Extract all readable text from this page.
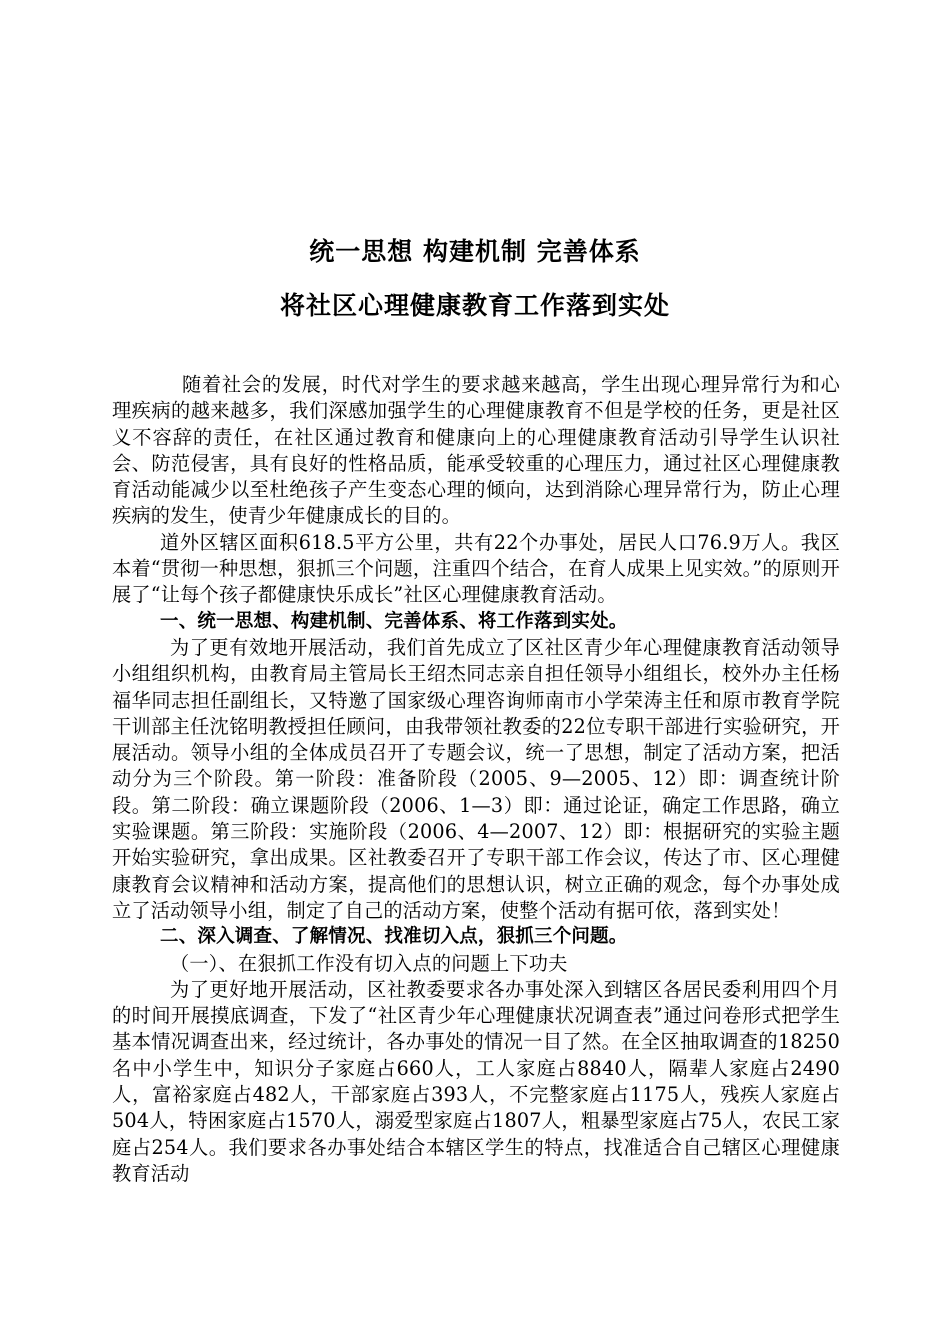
统一思想 构建机制 完善体系
将社区心理健康教育工作落到实处

随着社会的发展，时代对学生的要求越来越高，学生出现心理异常行为和心理疾病的越来越多，我们深感加强学生的心理健康教育不但是学校的任务，更是社区义不容辞的责任，在社区通过教育和健康向上的心理健康教育活动引导学生认识社会、防范侵害，具有良好的性格品质，能承受较重的心理压力，通过社区心理健康教育活动能减少以至杜绝孩子产生变态心理的倾向，达到消除心理异常行为，防止心理疾病的发生，使青少年健康成长的目的。

道外区辖区面积618.5平方公里，共有22个办事处，居民人口76.9万人。我区本着“贯彻一种思想，狠抓三个问题，注重四个结合，在育人成果上见实效。”的原则开展了“让每个孩子都健康快乐成长”社区心理健康教育活动。

一、统一思想、构建机制、完善体系、将工作落到实处。

为了更有效地开展活动，我们首先成立了区社区青少年心理健康教育活动领导小组组织机构，由教育局主管局长王绍杰同志亲自担任领导小组组长，校外办主任杨福华同志担任副组长，又特邀了国家级心理咨询师南市小学荣涛主任和原市教育学院干训部主任沈铭明教授担任顾问，由我带领社教委的22位专职干部进行实验研究，开展活动。领导小组的全体成员召开了专题会议，统一了思想，制定了活动方案，把活动分为三个阶段。第一阶段：准备阶段（2005、9—2005、12）即：调查统计阶段。第二阶段：确立课题阶段（2006、1—3）即：通过论证，确定工作思路，确立实验课题。第三阶段：实施阶段（2006、4—2007、12）即：根据研究的实验主题开始实验研究，拿出成果。区社教委召开了专职干部工作会议，传达了市、区心理健康教育会议精神和活动方案，提高他们的思想认识，树立正确的观念，每个办事处成立了活动领导小组，制定了自己的活动方案，使整个活动有据可依，落到实处！

二、深入调查、了解情况、找准切入点，狠抓三个问题。

（一）、在狠抓工作没有切入点的问题上下功夫

为了更好地开展活动，区社教委要求各办事处深入到辖区各居民委利用四个月的时间开展摸底调查，下发了“社区青少年心理健康状况调查表”通过问卷形式把学生基本情况调查出来，经过统计，各办事处的情况一目了然。在全区抽取调查的18250名中小学生中，知识分子家庭占660人，工人家庭占8840人，隔辈人家庭占2490人，富裕家庭占482人，干部家庭占393人，不完整家庭占1175人，残疾人家庭占504人，特困家庭占1570人，溺爱型家庭占1807人，粗暴型家庭占75人，农民工家庭占254人。我们要求各办事处结合本辖区学生的特点，找准适合自己辖区心理健康教育活动
